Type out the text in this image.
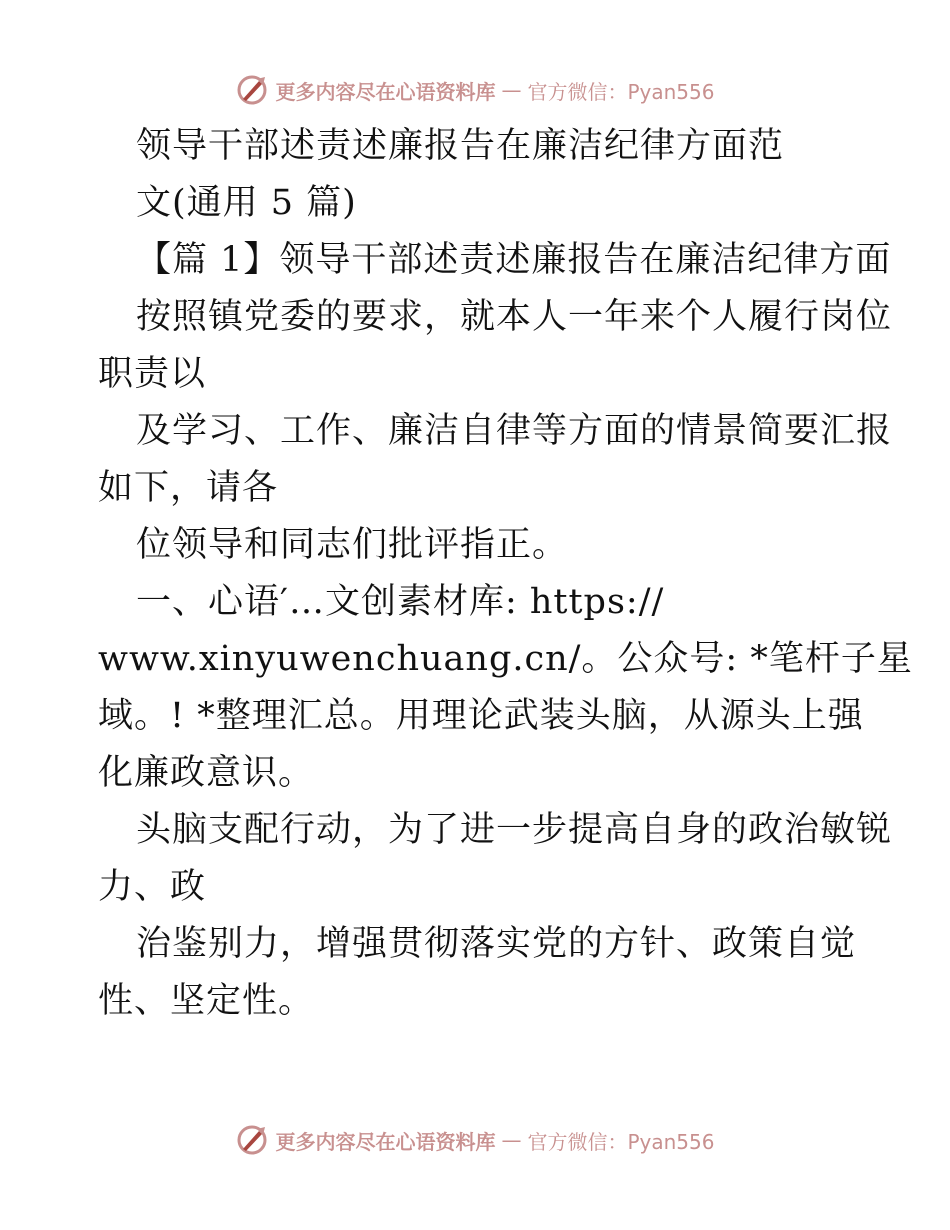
更多内容尽在心语资料库 — 官方微信：Pyan556
领导干部述责述廉报告在廉洁纪律方面范
文(通用 5 篇)
【篇 1】领导干部述责述廉报告在廉洁纪律方面
按照镇党委的要求，就本人一年来个人履行岗位
职责以
及学习、工作、廉洁自律等方面的情景简要汇报
如下，请各
位领导和同志们批评指正。
一、心语′…文创素材库: https://
www.xinyuwenchuang.cn/。公众号: *笔杆子星
域。! *整理汇总。用理论武装头脑，从源头上强
化廉政意识。
头脑支配行动，为了进一步提高自身的政治敏锐
力、政
治鉴别力，增强贯彻落实党的方针、政策自觉
性、坚定性。
更多内容尽在心语资料库 — 官方微信：Pyan556
